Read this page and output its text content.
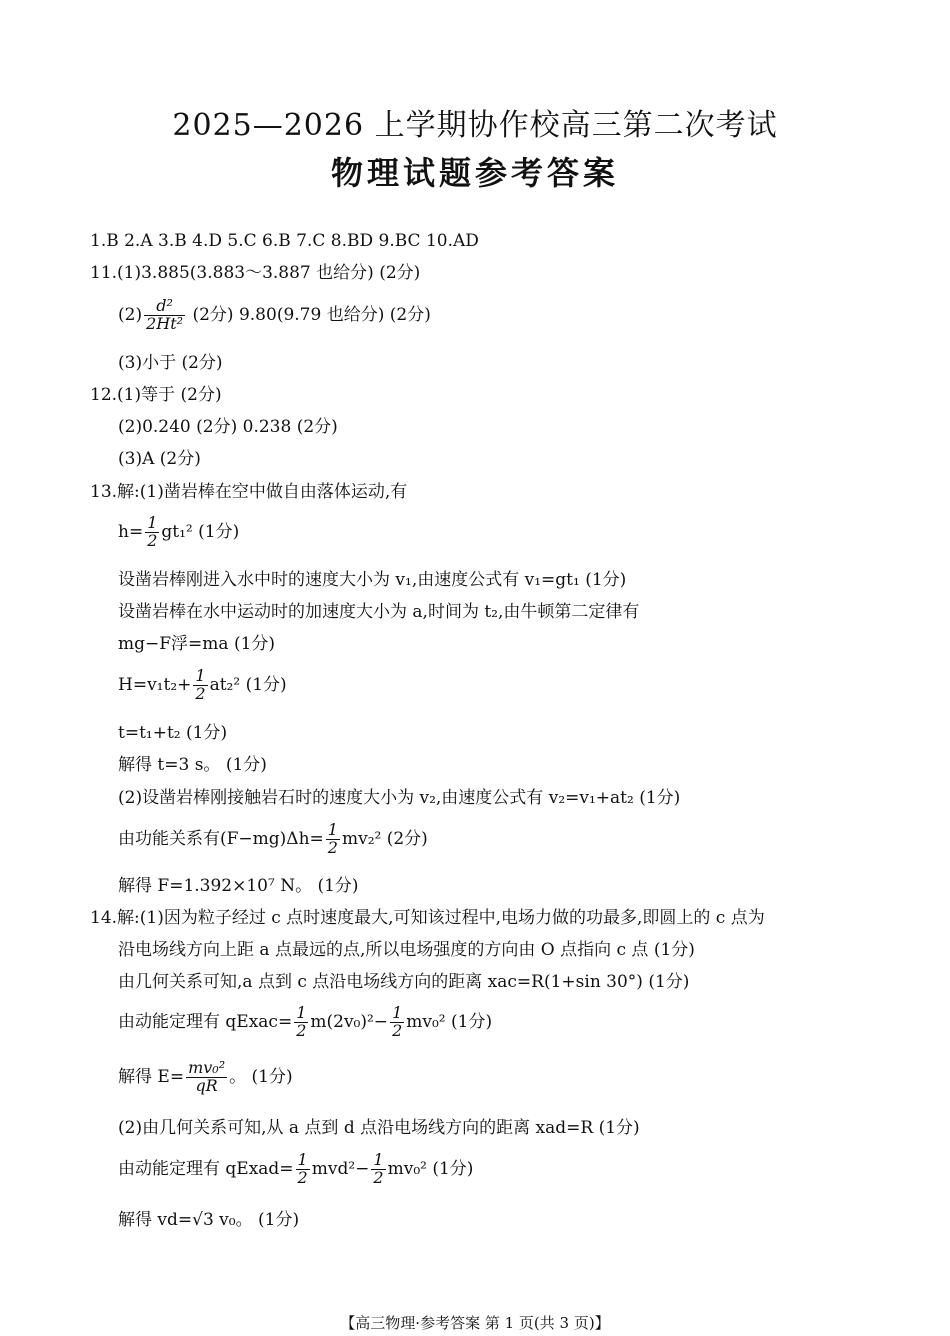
2025—2026 上学期协作校高三第二次考试
物理试题参考答案
1.B 2.A 3.B 4.D 5.C 6.B 7.C 8.BD 9.BC 10.AD
11.(1)3.885(3.883～3.887 也给分) (2分)
$(2) \frac{\text{d²}}{\text{2Ht²}} (2$分) 9.80(9.79 也给分) (2分)
(3)小于 (2分)
12.(1)等于 (2分)
(2)0.240 (2分) 0.238 (2分)
(3)A (2分)
13.解:(1)凿岩棒在空中做自由落体运动,有
$h= \frac{1}{2} gt_1^2$ (1分)
设凿岩棒刚进入水中时的速度大小为 v₁,由速度公式有 v₁=gt₁ (1分)
设凿岩棒在水中运动时的加速度大小为 a,时间为 t₂,由牛顿第二定律有
mg−F浮=ma (1分)
$H=v_1t_2+ \frac{1}{2} at_2^2$ (1分)
t=t₁+t₂ (1分)
解得 t=3 s。 (1分)
(2)设凿岩棒刚接触岩石时的速度大小为 v₂,由速度公式有 v₂=v₁+at₂ (1分)
由功能关系有$(F-mg)\Delta h= \frac{1}{2} mv_2^2$ (2分)
解得 F=1.392×10⁷ N。 (1分)
14.解:(1)因为粒子经过 c 点时速度最大,可知该过程中,电场力做的功最多,即圆上的 c 点为
沿电场线方向上距 a 点最远的点,所以电场强度的方向由 O 点指向 c 点 (1分)
由几何关系可知,a 点到 c 点沿电场线方向的距离 xac=R(1+sin 30°) (1分)
由动能定理有 qExac= $\frac{1}{2} m(2v_0)^2- \frac{1}{2} mv_0^2$ (1分)
解得 $E= \frac{\text{mv₀²}}{qR}$ 。 (1分)
(2)由几何关系可知,从 a 点到 d 点沿电场线方向的距离 xad=R (1分)
由动能定理有 qExad= $\frac{1}{2} mvd^2- \frac{1}{2} mv_0^2$ (1分)
解得 vd=√3 v₀。 (1分)
【高三物理·参考答案 第 1 页(共 3 页)】
